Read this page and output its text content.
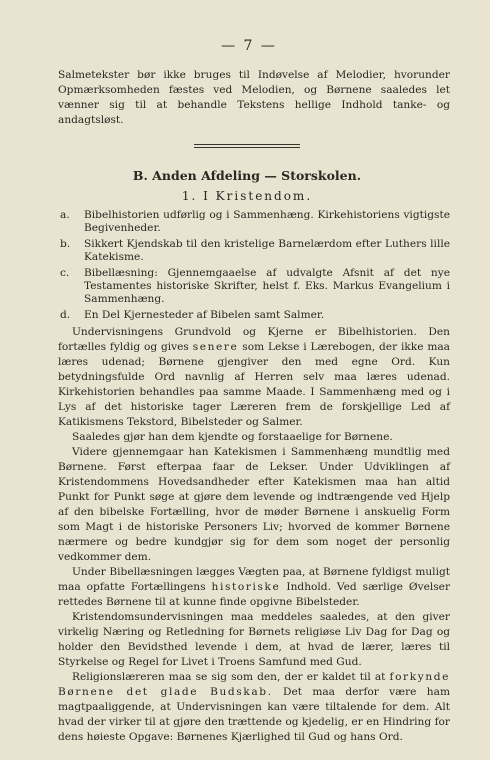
— 7 —

Salmetekster bør ikke bruges til Indøvelse af Melodier, hvorunder Opmærksomheden fæstes ved Melodien, og Børnene saaledes let vænner sig til at behandle Tekstens hellige Indhold tanke- og andagtsløst.

B. Anden Afdeling — Storskolen.
1. I Kristendom.
a.	Bibelhistorien udførlig og i Sammenhæng. Kirkehistoriens vigtigste Begivenheder.
b.	Sikkert Kjendskab til den kristelige Barnelærdom efter Luthers lille Katekisme.
c.	Bibellæsning: Gjennemgaaelse af udvalgte Afsnit af det nye Testamentes historiske Skrifter, helst f. Eks. Markus Evangelium i Sammenhæng.
d.	En Del Kjernesteder af Bibelen samt Salmer.

Undervisningens Grundvold og Kjerne er Bibelhistorien. Den fortælles fyldig og gives senere som Lekse i Lærebogen, der ikke maa læres udenad; Børnene gjengiver den med egne Ord. Kun betydningsfulde Ord navnlig af Herren selv maa læres udenad. Kirkehistorien behandles paa samme Maade. I Sammenhæng med og i Lys af det historiske tager Læreren frem de forskjellige Led af Katikismens Tekstord, Bibelsteder og Salmer.

Saaledes gjør han dem kjendte og forstaaelige for Børnene.

Videre gjennemgaar han Katekismen i Sammenhæng mundtlig med Børnene. Først efterpaa faar de Lekser. Under Udviklingen af Kristendommens Hovedsandheder efter Katekismen maa han altid Punkt for Punkt søge at gjøre dem levende og indtrængende ved Hjelp af den bibelske Fortælling, hvor de møder Børnene i anskuelig Form som Magt i de historiske Personers Liv; hvorved de kommer Børnene nærmere og bedre kundgjør sig for dem som noget der personlig vedkommer dem.

Under Bibellæsningen lægges Vægten paa, at Børnene fyldigst muligt maa opfatte Fortællingens historiske Indhold. Ved særlige Øvelser rettedes Børnene til at kunne finde opgivne Bibelsteder.

Kristendomsundervisningen maa meddeles saaledes, at den giver virkelig Næring og Retledning for Børnets religiøse Liv Dag for Dag og holder den Bevidsthed levende i dem, at hvad de lærer, læres til Styrkelse og Regel for Livet i Troens Samfund med Gud.

Religionslæreren maa se sig som den, der er kaldet til at forkynde Børnene det glade Budskab. Det maa derfor være ham magtpaaliggende, at Undervisningen kan være tiltalende for dem. Alt hvad der virker til at gjøre den trættende og kjedelig, er en Hindring for dens høieste Opgave: Børnenes Kjærlighed til Gud og hans Ord.
